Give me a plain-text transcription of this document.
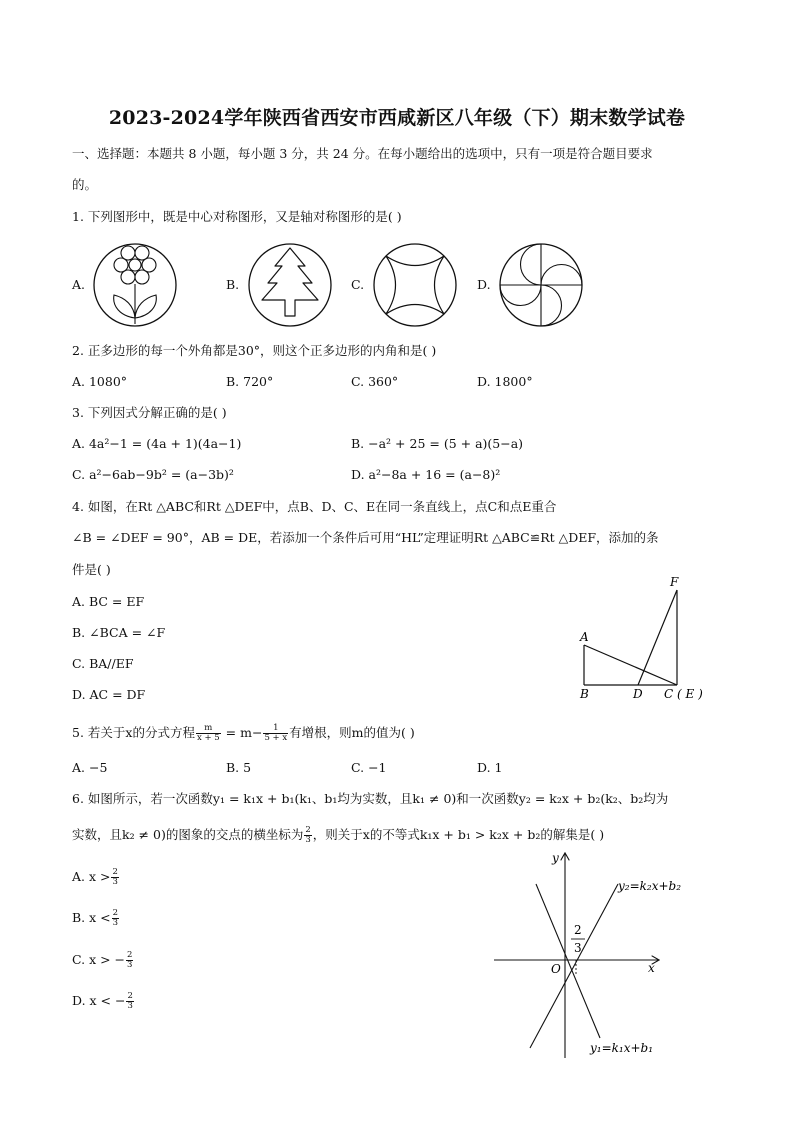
2023-2024学年陕西省西安市西咸新区八年级（下）期末数学试卷
一、选择题：本题共 8 小题，每小题 3 分，共 24 分。在每小题给出的选项中，只有一项是符合题目要求
的。
1. 下列图形中，既是中心对称图形，又是轴对称图形的是( )
A.	B.	C.	D.
2. 正多边形的每一个外角都是30°，则这个正多边形的内角和是( )
A. 1080°	B. 720°	C. 360°	D. 1800°
3. 下列因式分解正确的是( )
A. 4a²−1 = (4a + 1)(4a−1)	B. −a² + 25 = (5 + a)(5−a)
C. a²−6ab−9b² = (a−3b)²	D. a²−8a + 16 = (a−8)²
4. 如图，在Rt △ABC和Rt △DEF中，点B、D、C、E在同一条直线上，点C和点E重合
∠B = ∠DEF = 90°，AB = DE，若添加一个条件后可用“HL”定理证明Rt △ABC≌Rt △DEF，添加的条
件是( )
A. BC = EF
B. ∠BCA = ∠F
C. BA//EF
D. AC = DF
F
A
B	D C ( E )
5. 若关于x的分式方程 $\frac{m}{x + 5} = m- \frac{1}{5 + x}$ 有增根，则m的值为( )
A. −5	B. 5	C. −1	D. 1
6. 如图所示，若一次函数y₁ = k₁x + b₁(k₁、b₁均为实数，且k₁ ≠ 0)和一次函数y₂ = k₂x + b₂(k₂、b₂均为
实数，且k₂ ≠ 0)的图象的交点的横坐标为 $\frac{2}{3}$ ，则关于x的不等式k₁x + b₁ > k₂x + b₂的解集是( )
A. $x > \frac{2}{3}$
B. $x < \frac{2}{3}$
C. x > − $\frac{2}{3}$
D. x < − $\frac{2}{3}$
2
3
O	x
y
y₂=k₂x+b₂
y₁=k₁x+b₁
